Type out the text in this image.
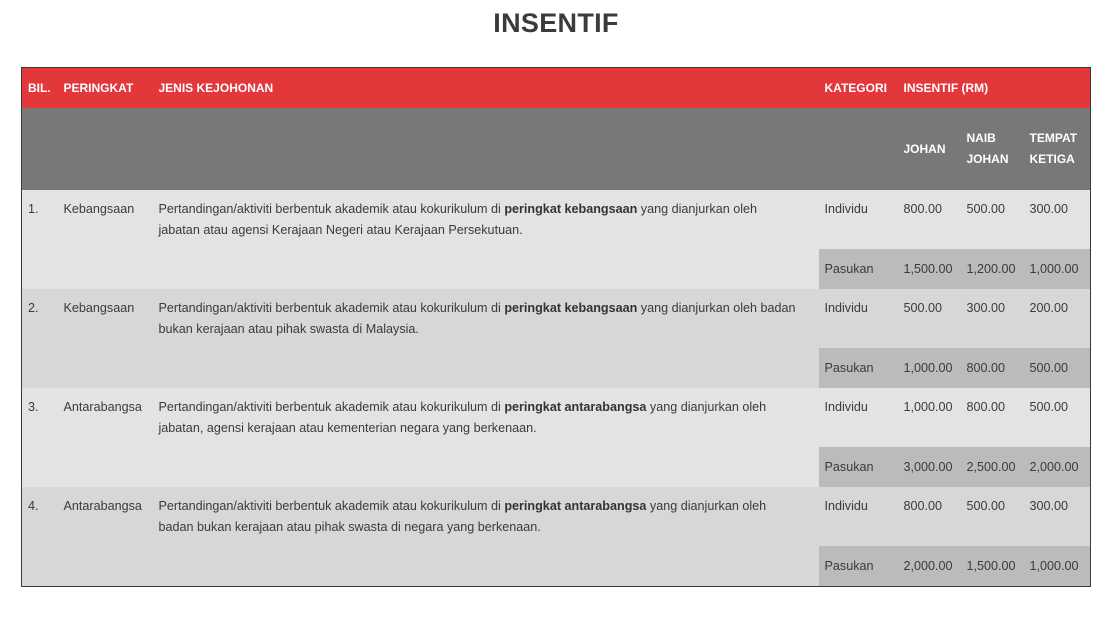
INSENTIF
BIL.	PERINGKAT	JENIS KEJOHONAN	KATEGORI	INSENTIF (RM)		
				JOHAN	NAIB JOHAN	TEMPAT KETIGA
1.	Kebangsaan	Pertandingan/aktiviti berbentuk akademik atau kokurikulum di peringkat kebangsaan yang dianjurkan oleh jabatan atau agensi Kerajaan Negeri atau Kerajaan Persekutuan.	Individu	800.00	500.00	300.00
			Pasukan	1,500.00	1,200.00	1,000.00
2.	Kebangsaan	Pertandingan/aktiviti berbentuk akademik atau kokurikulum di peringkat kebangsaan yang dianjurkan oleh badan bukan kerajaan atau pihak swasta di Malaysia.	Individu	500.00	300.00	200.00
			Pasukan	1,000.00	800.00	500.00
3.	Antarabangsa	Pertandingan/aktiviti berbentuk akademik atau kokurikulum di peringkat antarabangsa yang dianjurkan oleh jabatan, agensi kerajaan atau kementerian negara yang berkenaan.	Individu	1,000.00	800.00	500.00
			Pasukan	3,000.00	2,500.00	2,000.00
4.	Antarabangsa	Pertandingan/aktiviti berbentuk akademik atau kokurikulum di peringkat antarabangsa yang dianjurkan oleh badan bukan kerajaan atau pihak swasta di negara yang berkenaan.	Individu	800.00	500.00	300.00
			Pasukan	2,000.00	1,500.00	1,000.00
